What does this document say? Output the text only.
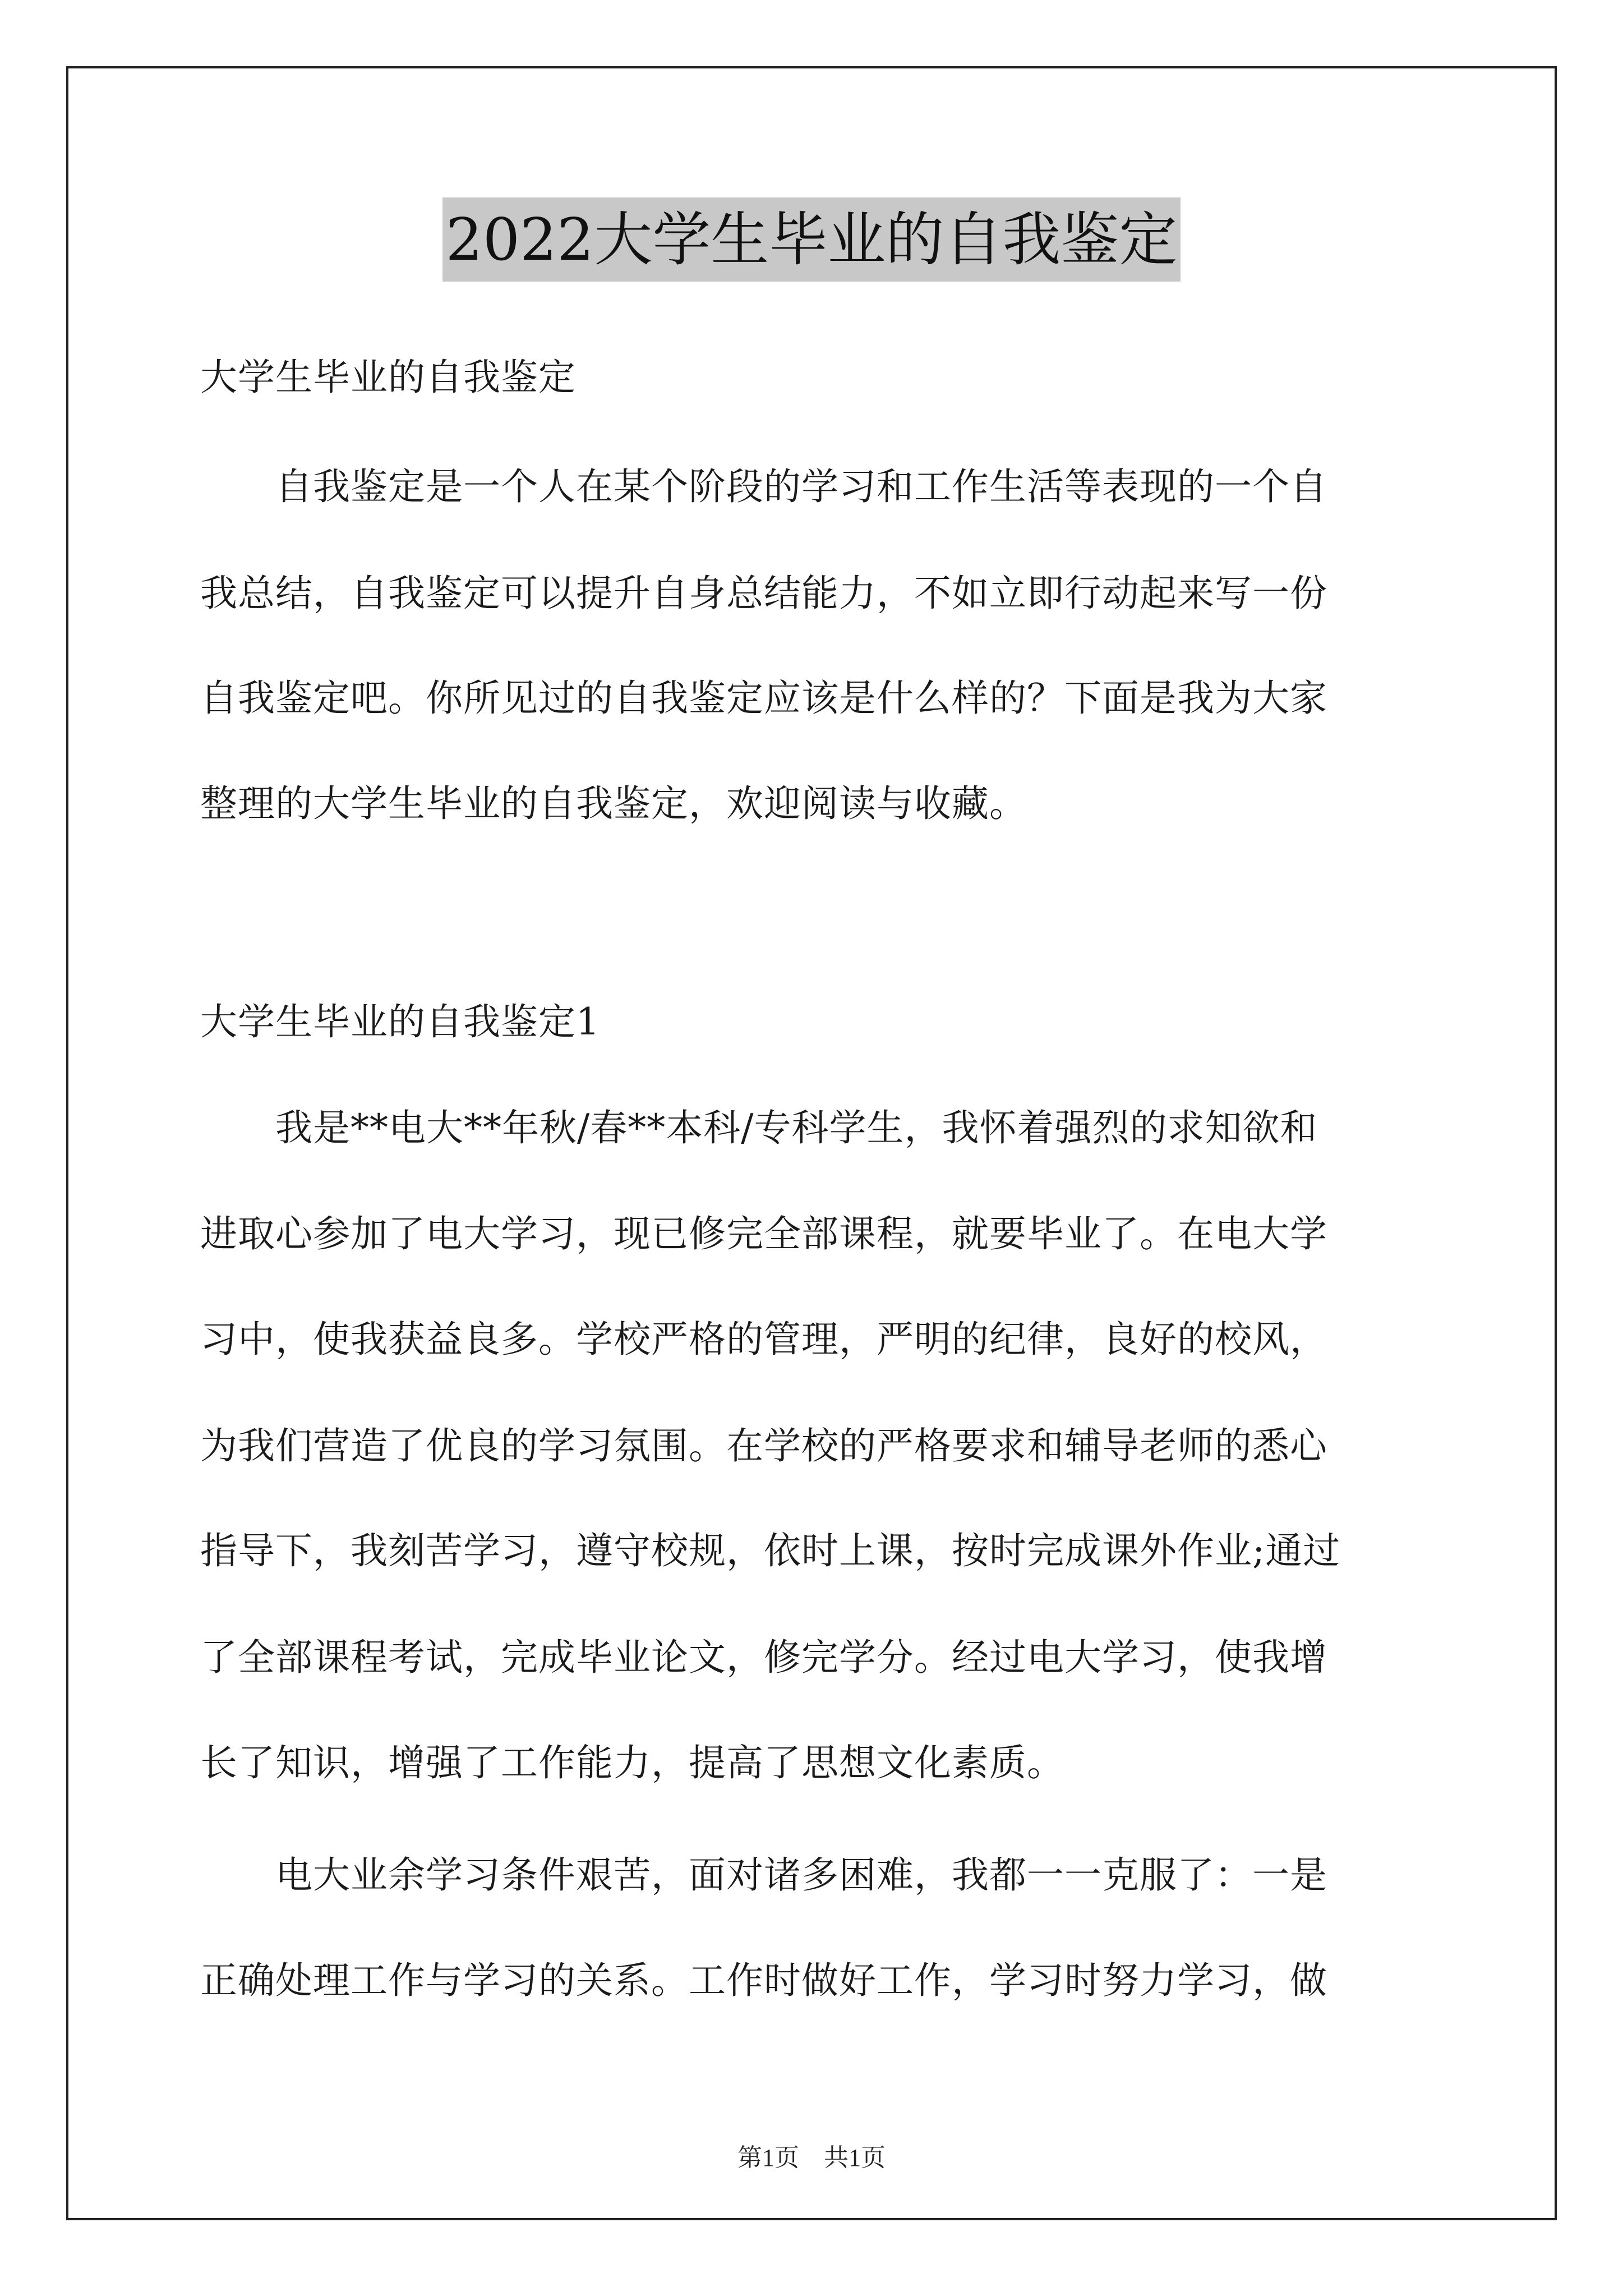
2022大学生毕业的自我鉴定

大学生毕业的自我鉴定

　　自我鉴定是一个人在某个阶段的学习和工作生活等表现的一个自

我总结，自我鉴定可以提升自身总结能力，不如立即行动起来写一份

自我鉴定吧。你所见过的自我鉴定应该是什么样的？下面是我为大家

整理的大学生毕业的自我鉴定，欢迎阅读与收藏。

大学生毕业的自我鉴定1

　　我是**电大**年秋/春**本科/专科学生，我怀着强烈的求知欲和

进取心参加了电大学习，现已修完全部课程，就要毕业了。在电大学

习中，使我获益良多。学校严格的管理，严明的纪律，良好的校风，

为我们营造了优良的学习氛围。在学校的严格要求和辅导老师的悉心

指导下，我刻苦学习，遵守校规，依时上课，按时完成课外作业;通过

了全部课程考试，完成毕业论文，修完学分。经过电大学习，使我增

长了知识，增强了工作能力，提高了思想文化素质。

　　电大业余学习条件艰苦，面对诸多困难，我都一一克服了：一是

正确处理工作与学习的关系。工作时做好工作，学习时努力学习，做

第1页　共1页
